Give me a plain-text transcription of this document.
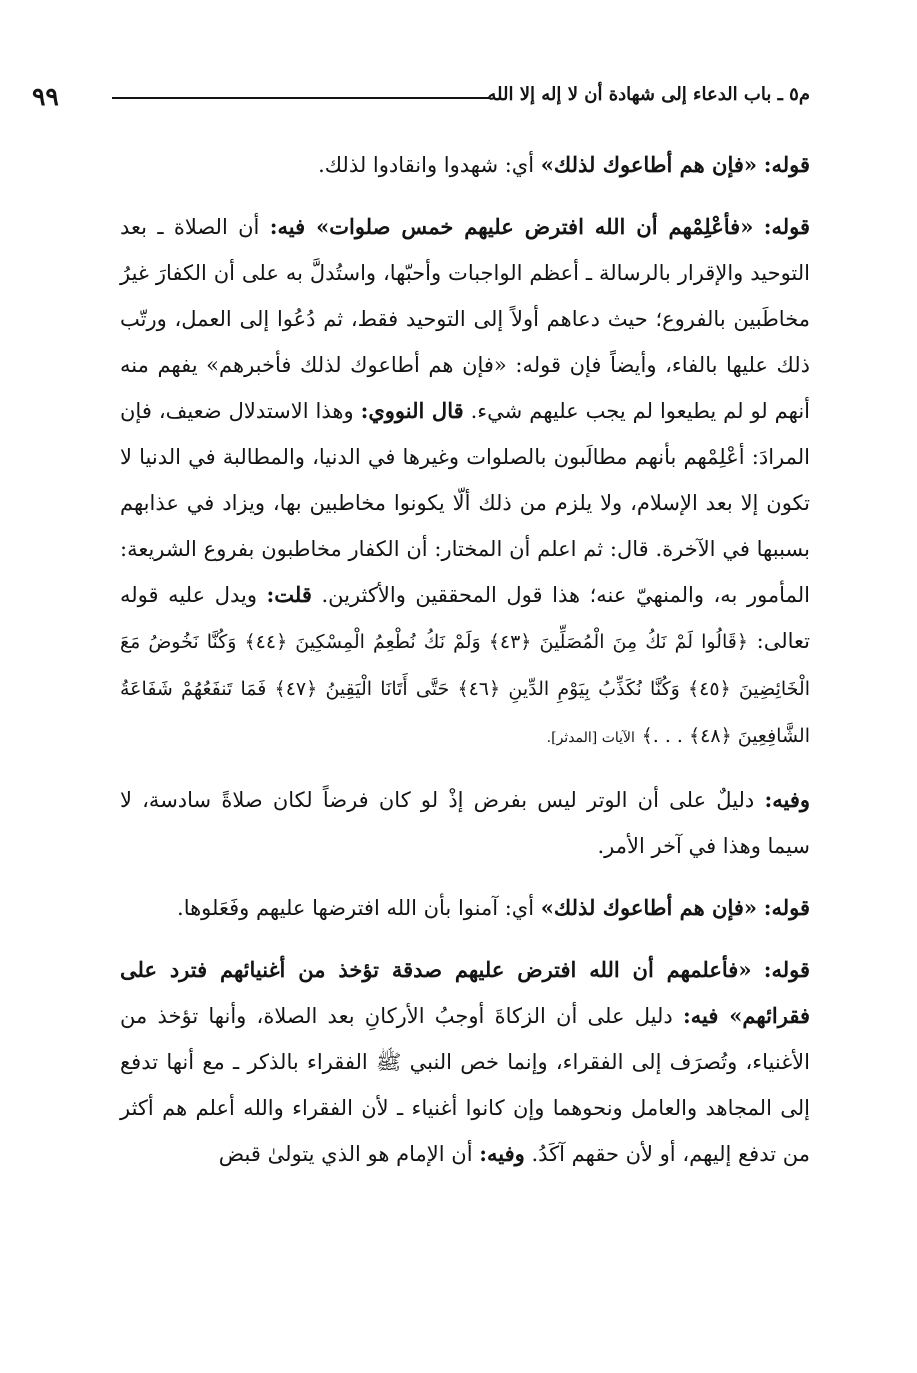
٩٩	م٥ ـ باب الدعاء إلى شهادة أن لا إله إلا الله

قوله: «فإن هم أطاعوك لذلك» أي: شهدوا وانقادوا لذلك.

قوله: «فأعْلِمْهم أن الله افترض عليهم خمس صلوات» فيه: أن الصلاة ـ بعد التوحيد والإقرار بالرسالة ـ أعظم الواجبات وأحبّها، واستُدلَّ به على أن الكفارَ غيرُ مخاطَبين بالفروع؛ حيث دعاهم أولاً إلى التوحيد فقط، ثم دُعُوا إلى العمل، ورتّب ذلك عليها بالفاء، وأيضاً فإن قوله: «فإن هم أطاعوك لذلك فأخبرهم» يفهم منه أنهم لو لم يطيعوا لم يجب عليهم شيء. قال النووي: وهذا الاستدلال ضعيف، فإن المرادَ: أعْلِمْهم بأنهم مطالَبون بالصلوات وغيرها في الدنيا، والمطالبة في الدنيا لا تكون إلا بعد الإسلام، ولا يلزم من ذلك ألّا يكونوا مخاطبين بها، ويزاد في عذابهم بسببها في الآخرة. قال: ثم اعلم أن المختار: أن الكفار مخاطبون بفروع الشريعة: المأمور به، والمنهيّ عنه؛ هذا قول المحققين والأكثرين. قلت: ويدل عليه قوله تعالى: ﴿قَالُوا لَمْ نَكُ مِنَ الْمُصَلِّينَ ﴿٤٣﴾ وَلَمْ نَكُ نُطْعِمُ الْمِسْكِينَ ﴿٤٤﴾ وَكُنَّا نَخُوضُ مَعَ الْخَائِضِينَ ﴿٤٥﴾ وَكُنَّا نُكَذِّبُ بِيَوْمِ الدِّينِ ﴿٤٦﴾ حَتَّى أَتَانَا الْيَقِينُ ﴿٤٧﴾ فَمَا تَنفَعُهُمْ شَفَاعَةُ الشَّافِعِينَ ﴿٤٨﴾ . . .﴾ الآيات [المدثر].

وفيه: دليلٌ على أن الوتر ليس بفرض إذْ لو كان فرضاً لكان صلاةً سادسة، لا سيما وهذا في آخر الأمر.

قوله: «فإن هم أطاعوك لذلك» أي: آمنوا بأن الله افترضها عليهم وفَعَلوها.

قوله: «فأعلمهم أن الله افترض عليهم صدقة تؤخذ من أغنيائهم فترد على فقرائهم» فيه: دليل على أن الزكاةَ أوجبُ الأركانِ بعد الصلاة، وأنها تؤخذ من الأغنياء، وتُصرَف إلى الفقراء، وإنما خص النبي ﷺ الفقراء بالذكر ـ مع أنها تدفع إلى المجاهد والعامل ونحوهما وإن كانوا أغنياء ـ لأن الفقراء والله أعلم هم أكثر من تدفع إليهم، أو لأن حقهم آكَدُ. وفيه: أن الإمام هو الذي يتولىٰ قبض
